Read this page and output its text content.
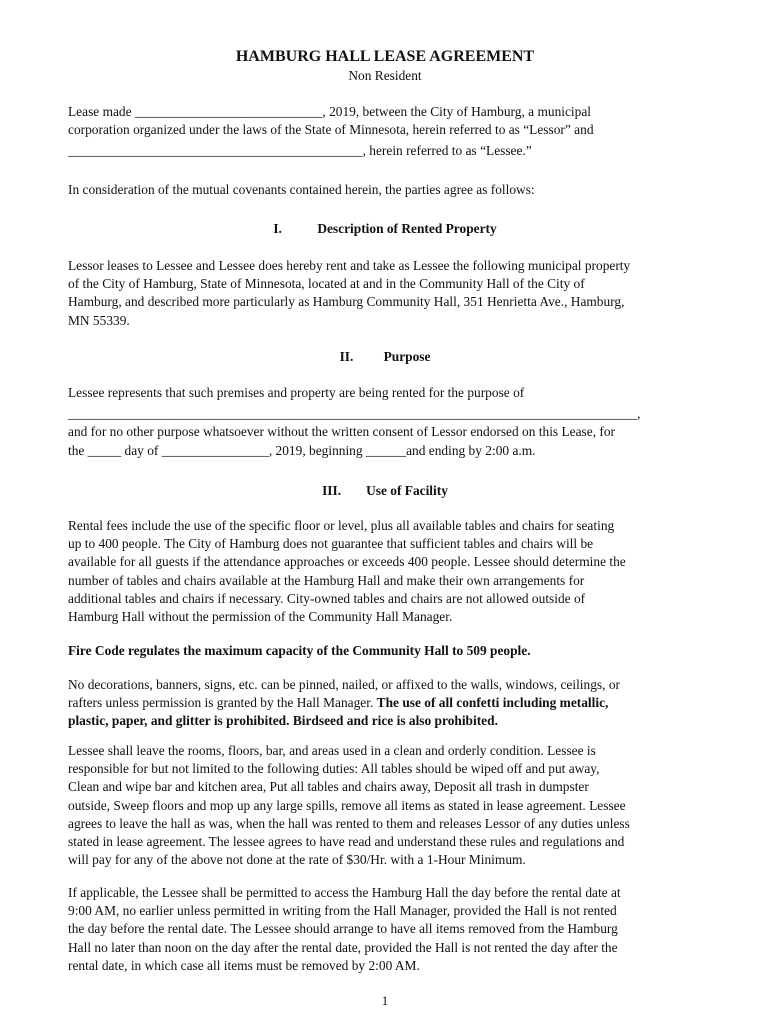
HAMBURG HALL LEASE AGREEMENT
Non Resident
Lease made ____________________________, 2019, between the City of Hamburg, a municipal
corporation organized under the laws of the State of Minnesota, herein referred to as “Lessor” and
____________________________________________, herein referred to as “Lessee.”
In consideration of the mutual covenants contained herein, the parties agree as follows:
I.	Description of Rented Property
Lessor leases to Lessee and Lessee does hereby rent and take as Lessee the following municipal property
of the City of Hamburg, State of Minnesota, located at and in the Community Hall of the City of
Hamburg, and described more particularly as Hamburg Community Hall, 351 Henrietta Ave., Hamburg,
MN 55339.
II. Purpose
Lessee represents that such premises and property are being rented for the purpose of
_____________________________________________________________________________________,
and for no other purpose whatsoever without the written consent of Lessor endorsed on this Lease, for
the _____ day of ________________, 2019, beginning ______and ending by 2:00 a.m.
III. Use of Facility
Rental fees include the use of the specific floor or level, plus all available tables and chairs for seating
up to 400 people. The City of Hamburg does not guarantee that sufficient tables and chairs will be
available for all guests if the attendance approaches or exceeds 400 people. Lessee should determine the
number of tables and chairs available at the Hamburg Hall and make their own arrangements for
additional tables and chairs if necessary. City-owned tables and chairs are not allowed outside of
Hamburg Hall without the permission of the Community Hall Manager.
Fire Code regulates the maximum capacity of the Community Hall to 509 people.
No decorations, banners, signs, etc. can be pinned, nailed, or affixed to the walls, windows, ceilings, or
rafters unless permission is granted by the Hall Manager. The use of all confetti including metallic,
plastic, paper, and glitter is prohibited. Birdseed and rice is also prohibited.
Lessee shall leave the rooms, floors, bar, and areas used in a clean and orderly condition. Lessee is
responsible for but not limited to the following duties: All tables should be wiped off and put away,
Clean and wipe bar and kitchen area, Put all tables and chairs away, Deposit all trash in dumpster
outside, Sweep floors and mop up any large spills, remove all items as stated in lease agreement. Lessee
agrees to leave the hall as was, when the hall was rented to them and releases Lessor of any duties unless
stated in lease agreement. The lessee agrees to have read and understand these rules and regulations and
will pay for any of the above not done at the rate of $30/Hr. with a 1-Hour Minimum.
If applicable, the Lessee shall be permitted to access the Hamburg Hall the day before the rental date at
9:00 AM, no earlier unless permitted in writing from the Hall Manager, provided the Hall is not rented
the day before the rental date. The Lessee should arrange to have all items removed from the Hamburg
Hall no later than noon on the day after the rental date, provided the Hall is not rented the day after the
rental date, in which case all items must be removed by 2:00 AM.
1
